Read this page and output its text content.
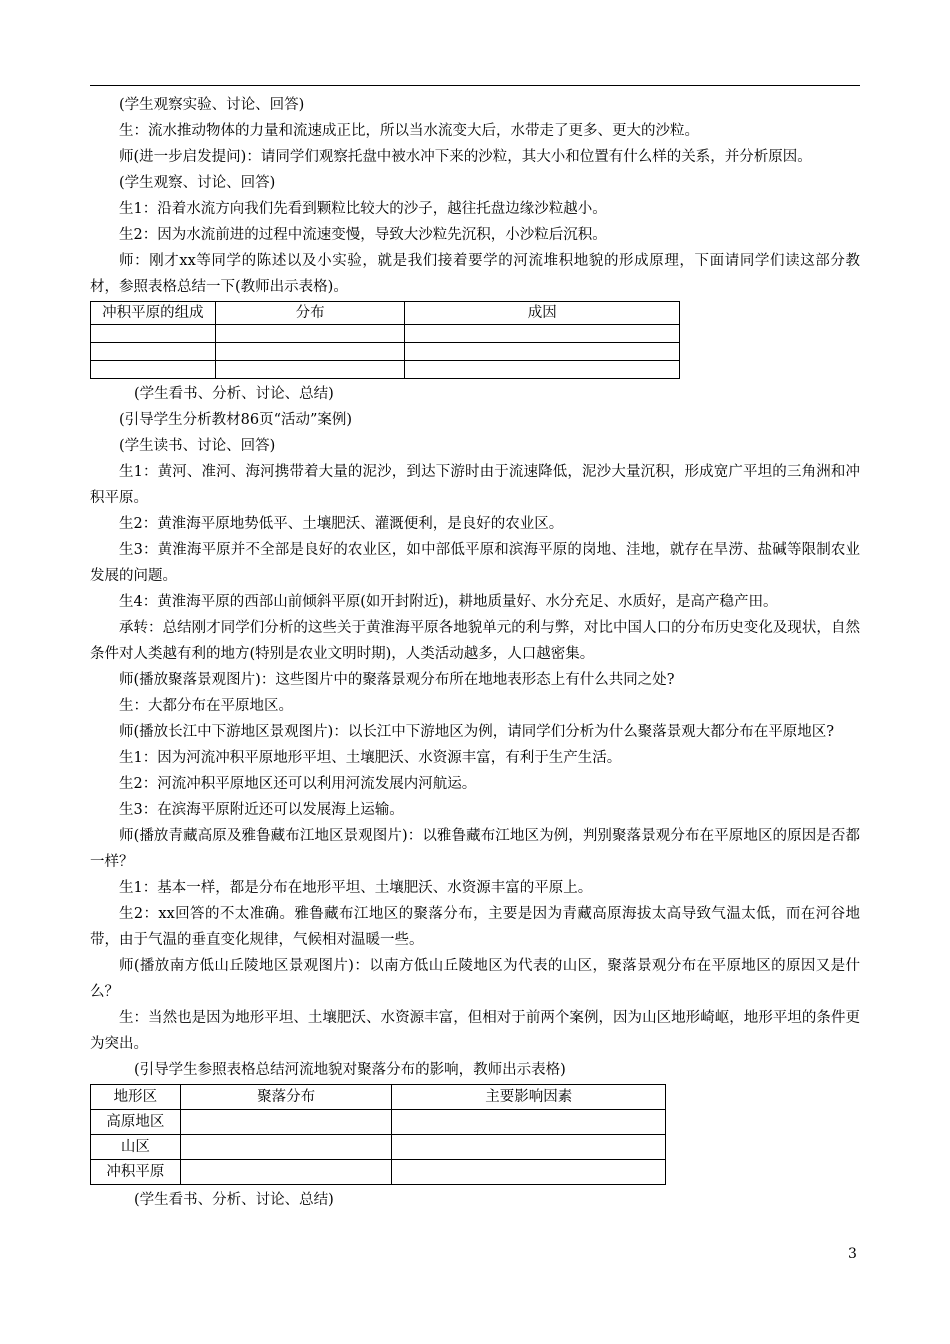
(学生观察实验、讨论、回答)

生：流水推动物体的力量和流速成正比，所以当水流变大后，水带走了更多、更大的沙粒。

师(进一步启发提问)：请同学们观察托盘中被水冲下来的沙粒，其大小和位置有什么样的关系，并分析原因。

(学生观察、讨论、回答)

生1：沿着水流方向我们先看到颗粒比较大的沙子，越往托盘边缘沙粒越小。

生2：因为水流前进的过程中流速变慢，导致大沙粒先沉积，小沙粒后沉积。

师：刚才xx等同学的陈述以及小实验，就是我们接着要学的河流堆积地貌的形成原理，下面请同学们读这部分教材，参照表格总结一下(教师出示表格)。

冲积平原的组成	分布	成因

(学生看书、分析、讨论、总结)

(引导学生分析教材86页“活动”案例)

(学生读书、讨论、回答)

生1：黄河、准河、海河携带着大量的泥沙，到达下游时由于流速降低，泥沙大量沉积，形成宽广平坦的三角洲和冲积平原。

生2：黄淮海平原地势低平、土壤肥沃、灌溉便利，是良好的农业区。

生3：黄淮海平原并不全部是良好的农业区，如中部低平原和滨海平原的岗地、洼地，就存在旱涝、盐碱等限制农业发展的问题。

生4：黄淮海平原的西部山前倾斜平原(如开封附近)，耕地质量好、水分充足、水质好，是高产稳产田。

承转：总结刚才同学们分析的这些关于黄淮海平原各地貌单元的利与弊，对比中国人口的分布历史变化及现状，自然条件对人类越有利的地方(特别是农业文明时期)，人类活动越多，人口越密集。

师(播放聚落景观图片)：这些图片中的聚落景观分布所在地地表形态上有什么共同之处?

生：大都分布在平原地区。

师(播放长江中下游地区景观图片)：以长江中下游地区为例，请同学们分析为什么聚落景观大都分布在平原地区?

生1：因为河流冲积平原地形平坦、土壤肥沃、水资源丰富，有利于生产生活。

生2：河流冲积平原地区还可以利用河流发展内河航运。

生3：在滨海平原附近还可以发展海上运输。

师(播放青藏高原及雅鲁藏布江地区景观图片)：以雅鲁藏布江地区为例，判别聚落景观分布在平原地区的原因是否都一样？

生1：基本一样，都是分布在地形平坦、土壤肥沃、水资源丰富的平原上。

生2：xx回答的不太准确。雅鲁藏布江地区的聚落分布，主要是因为青藏高原海拔太高导致气温太低，而在河谷地带，由于气温的垂直变化规律，气候相对温暖一些。

师(播放南方低山丘陵地区景观图片)：以南方低山丘陵地区为代表的山区，聚落景观分布在平原地区的原因又是什么？

生：当然也是因为地形平坦、土壤肥沃、水资源丰富，但相对于前两个案例，因为山区地形崎岖，地形平坦的条件更为突出。

(引导学生参照表格总结河流地貌对聚落分布的影响，教师出示表格)

地形区	聚落分布	主要影响因素
高原地区		
山区		
冲积平原		

(学生看书、分析、讨论、总结)

3
